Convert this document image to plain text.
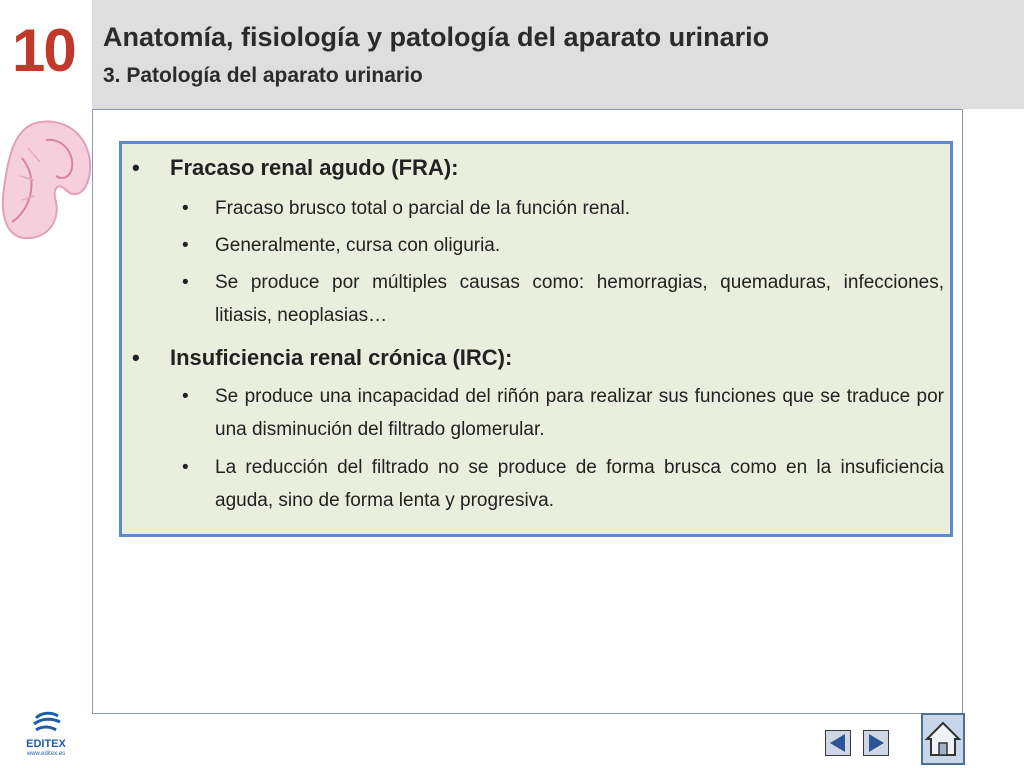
10	Anatomía, fisiología y patología del aparato urinario
3. Patología del aparato urinario
•	Fracaso renal agudo (FRA):
•	Fracaso brusco total o parcial de la función renal.
•	Generalmente, cursa con oliguria.
•	Se produce por múltiples causas como: hemorragias, quemaduras, infecciones, litiasis, neoplasias…
•	Insuficiencia renal crónica (IRC):
•	Se produce una incapacidad del riñón para realizar sus funciones que se traduce por una disminución del filtrado glomerular.
•	La reducción del filtrado no se produce de forma brusca como en la insuficiencia aguda, sino de forma lenta y progresiva.
EDITEX
www.editex.es
